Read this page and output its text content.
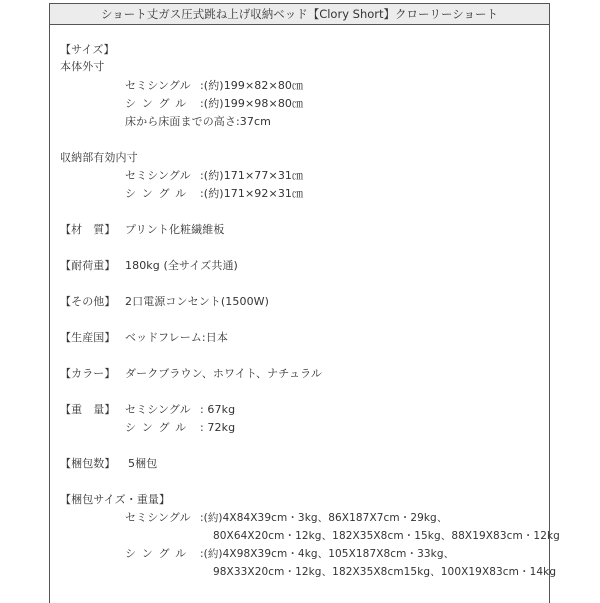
ショート丈ガス圧式跳ね上げ収納ベッド【Clory Short】クローリーショート
【サイズ】
本体外寸
セミシングル :(約)199×82×80㎝
シングル :(約)199×98×80㎝
床から床面までの高さ:37cm
収納部有効内寸
セミシングル :(約)171×77×31㎝
シングル :(約)171×92×31㎝
【材　質】 プリント化粧繊維板
【耐荷重】 180kg (全サイズ共通)
【その他】 2口電源コンセント(1500W)
【生産国】 ベッドフレーム:日本
【カラー】 ダークブラウン、ホワイト、ナチュラル
【重　量】 セミシングル : 67kg
シングル : 72kg
【梱包数】 5梱包
【梱包サイズ・重量】
セミシングル :(約)4X84X39cm・3kg、86X187X7cm・29kg、
80X64X20cm・12kg、182X35X8cm・15kg、88X19X83cm・12kg
シングル :(約)4X98X39cm・4kg、105X187X8cm・33kg、
98X33X20cm・12kg、182X35X8cm15kg、100X19X83cm・14kg
